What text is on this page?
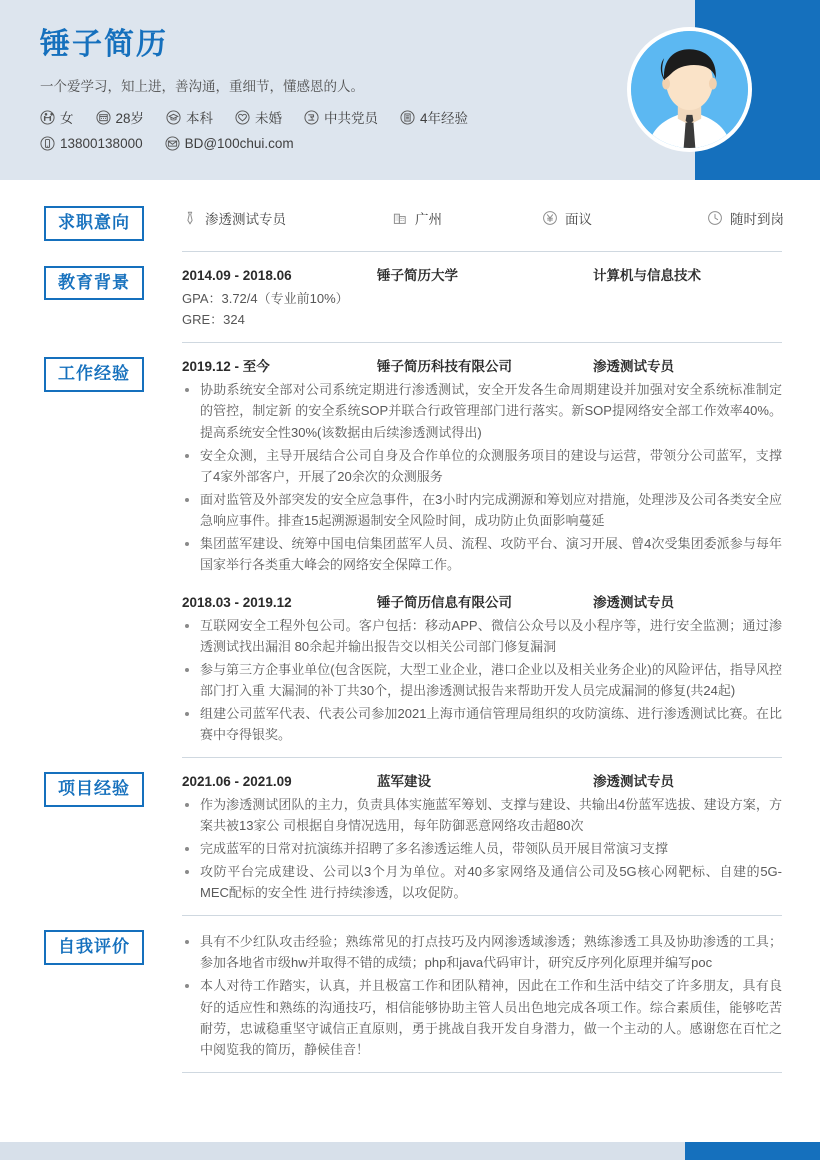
锤子简历
一个爱学习，知上进，善沟通，重细节，懂感恩的人。
女	28岁	本科	未婚	中共党员	4年经验
13800138000	BD@100chui.com
求职意向	渗透测试专员	广州	面议	随时到岗
教育背景	2014.09 - 2018.06	锤子简历大学	计算机与信息技术
GPA：3.72/4（专业前10%）
GRE：324
工作经验	2019.12 - 至今	锤子简历科技有限公司	渗透测试专员
协助系统安全部对公司系统定期进行渗透测试，安全开发各生命周期建设并加强对安全系统标准制定的管控，制定新 的安全系统SOP并联合行政管理部门进行落实。新SOP提网络安全部工作效率40%。提高系统安全性30%(该数据由后续渗透测试得出)
安全众测，主导开展结合公司自身及合作单位的众测服务项目的建设与运营，带领分公司蓝军，支撑了4家外部客户，开展了20余次的众测服务
面对监管及外部突发的安全应急事件，在3小时内完成溯源和筹划应对措施，处理涉及公司各类安全应急响应事件。排查15起溯源遏制安全风险时间，成功防止负面影响蔓延
集团蓝军建设、统筹中国电信集团蓝军人员、流程、攻防平台、演习开展、曾4次受集团委派参与每年国家举行各类重大峰会的网络安全保障工作。
2018.03 - 2019.12	锤子简历信息有限公司	渗透测试专员
互联网安全工程外包公司。客户包括：移动APP、微信公众号以及小程序等，进行安全监测；通过渗透测试找出漏泪 80余起并输出报告交以相关公司部门修复漏洞
参与第三方企事业单位(包含医院，大型工业企业，港口企业以及相关业务企业)的风险评估，指导风控部门打入重 大漏洞的补丁共30个，提出渗透测试报告来帮助开发人员完成漏洞的修复(共24起)
组建公司蓝军代表、代表公司参加2021上海市通信管理局组织的攻防演练、进行渗透测试比赛。在比赛中夺得银奖。
项目经验	2021.06 - 2021.09	蓝军建设	渗透测试专员
作为渗透测试团队的主力，负责具体实施蓝军筹划、支撑与建设、共输出4份蓝军选拔、建设方案，方案共被13家公 司根据自身情况选用，每年防御恶意网络攻击超80次
完成蓝军的日常对抗演练并招聘了多名渗透运维人员，带领队员开展目常演习支撑
攻防平台完成建设、公司以3个月为单位。对40多家网络及通信公司及5G核心网靶标、自建的5G-MEC配标的安全性 进行持续渗透，以攻促防。
自我评价	具有不少红队攻击经验；熟练常见的打点技巧及内网渗透域渗透；熟练渗透工具及协助渗透的工具；参加各地省市级hw并取得不错的成绩；php和java代码审计，研究反序列化原理并编写poc
本人对待工作踏实，认真，并且极富工作和团队精神，因此在工作和生活中结交了许多朋友，具有良好的适应性和熟练的沟通技巧，相信能够协助主管人员出色地完成各项工作。综合素质佳，能够吃苦耐劳，忠诚稳重坚守诚信正直原则，勇于挑战自我开发自身潜力，做一个主动的人。感谢您在百忙之中阅览我的简历，静候佳音！
